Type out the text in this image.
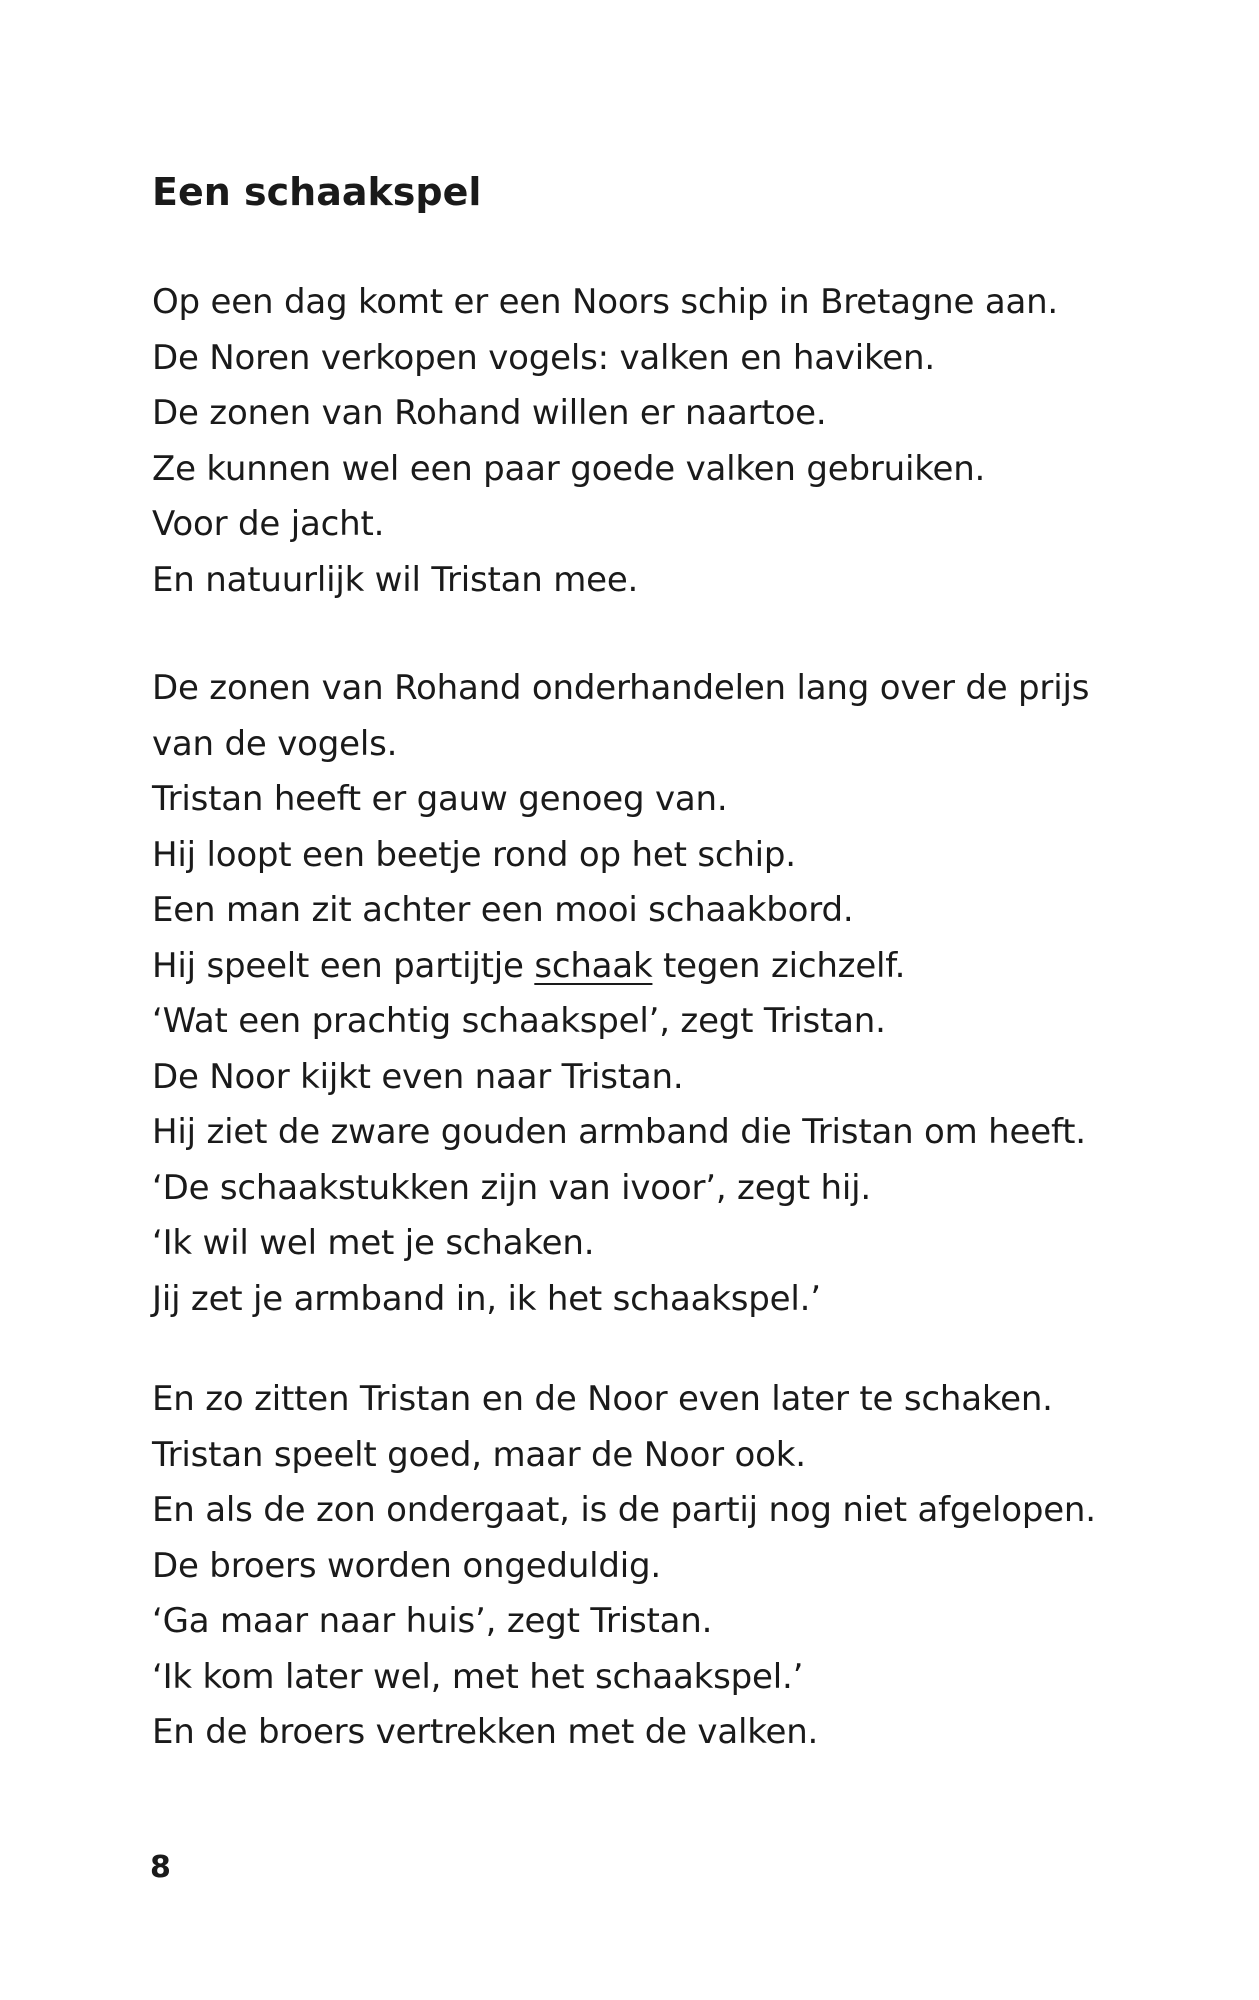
Een schaakspel
Op een dag komt er een Noors schip in Bretagne aan.
De Noren verkopen vogels: valken en haviken.
De zonen van Rohand willen er naartoe.
Ze kunnen wel een paar goede valken gebruiken.
Voor de jacht.
En natuurlijk wil Tristan mee.
De zonen van Rohand onderhandelen lang over de prijs
van de vogels.
Tristan heeft er gauw genoeg van.
Hij loopt een beetje rond op het schip.
Een man zit achter een mooi schaakbord.
Hij speelt een partijtje schaak tegen zichzelf.
‘Wat een prachtig schaakspel’, zegt Tristan.
De Noor kijkt even naar Tristan.
Hij ziet de zware gouden armband die Tristan om heeft.
‘De schaakstukken zijn van ivoor’, zegt hij.
‘Ik wil wel met je schaken.
Jij zet je armband in, ik het schaakspel.’
En zo zitten Tristan en de Noor even later te schaken.
Tristan speelt goed, maar de Noor ook.
En als de zon ondergaat, is de partij nog niet afgelopen.
De broers worden ongeduldig.
‘Ga maar naar huis’, zegt Tristan.
‘Ik kom later wel, met het schaakspel.’
En de broers vertrekken met de valken.
8
